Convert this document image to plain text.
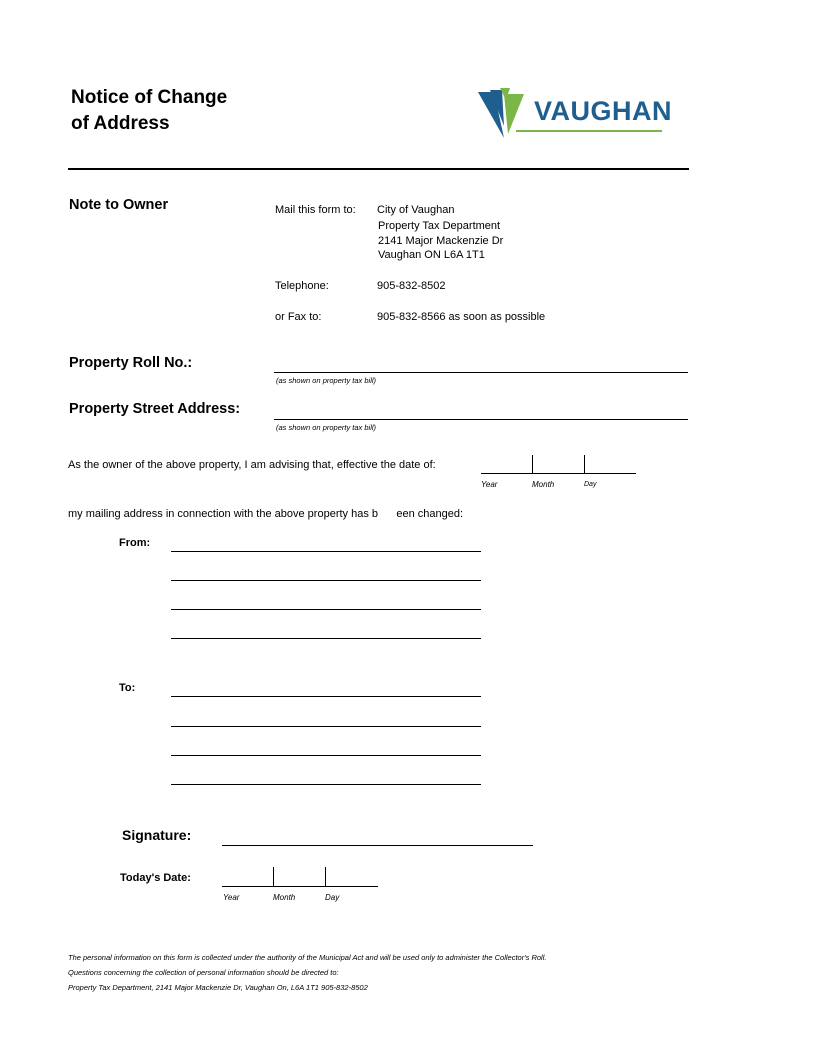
Notice of Change
of Address	VAUGHAN
Note to Owner	Mail this form to: City of Vaughan
Property Tax Department
2141 Major Mackenzie Dr
Vaughan ON L6A 1T1
Telephone:	905-832-8502
or Fax to:	905-832-8566 as soon as possible
Property Roll No.:
(as shown on property tax bill)
Property Street Address:
(as shown on property tax bill)
As the owner of the above property, I am advising that, effective the date of:
Year	Month	Day
my mailing address in connection with the above property has b      een changed:
From:
To:
Signature:
Today's Date:
Year	Month	Day
The personal information on this form is collected under the authority of the Municipal Act and will be used only to administer the Collector's Roll.
Questions concerning the collection of personal information should be directed to:
Property Tax Department, 2141 Major Mackenzie Dr, Vaughan On, L6A 1T1 905-832-8502
